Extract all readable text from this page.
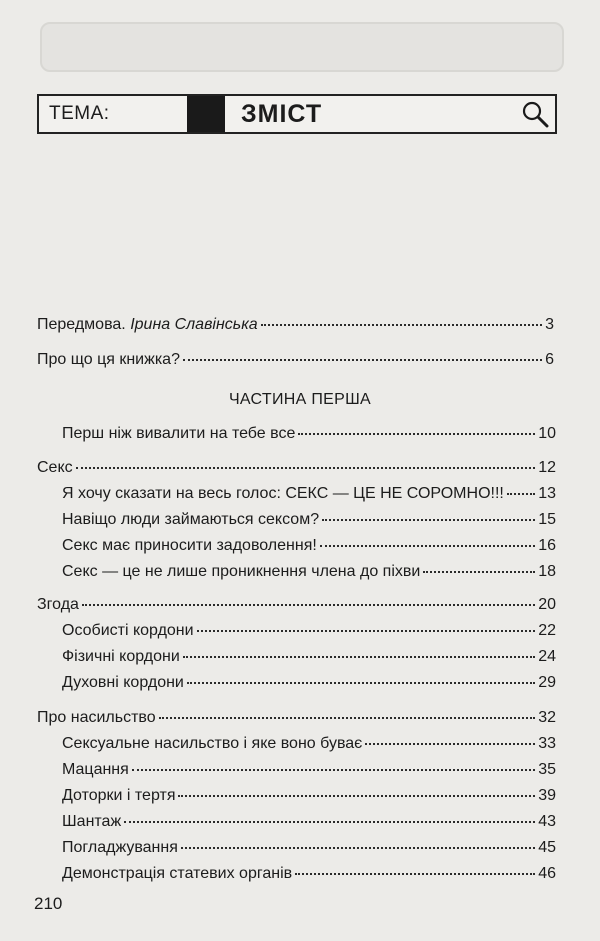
ТЕМА:	ЗМІСТ
Передмова. Ірина Славінська	3
Про що ця книжка?	6
ЧАСТИНА ПЕРША
Перш ніж вивалити на тебе все	10
Секс	12
Я хочу сказати на весь голос: СЕКС — ЦЕ НЕ СОРОМНО!!! 13
Навіщо люди займаються сексом?	15
Секс має приносити задоволення!	16
Секс — це не лише проникнення члена до піхви	18
Згода	20
Особисті кордони	22
Фізичні кордони	24
Духовні кордони	29
Про насильство	32
Сексуальне насильство і яке воно буває	33
Мацання	35
Доторки і тертя	39
Шантаж	43
Погладжування	45
Демонстрація статевих органів	46
210
